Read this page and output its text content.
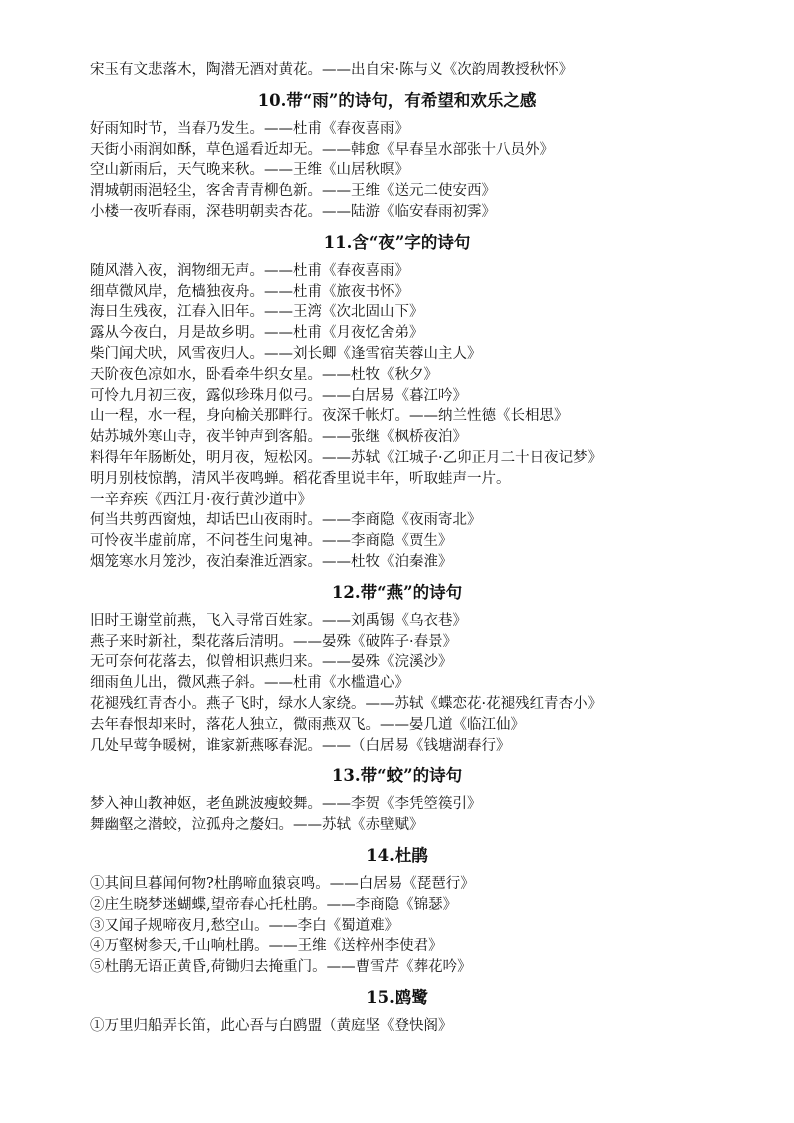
宋玉有文悲落木，陶潜无酒对黄花。——出自宋·陈与义《次韵周教授秋怀》
10.带“雨”的诗句，有希望和欢乐之感
好雨知时节，当春乃发生。——杜甫《春夜喜雨》
天街小雨润如酥，草色遥看近却无。——韩愈《早春呈水部张十八员外》
空山新雨后，天气晚来秋。——王维《山居秋暝》
渭城朝雨浥轻尘，客舍青青柳色新。——王维《送元二使安西》
小楼一夜听春雨，深巷明朝卖杏花。——陆游《临安春雨初霁》
11.含“夜”字的诗句
随风潜入夜，润物细无声。——杜甫《春夜喜雨》
细草微风岸，危樯独夜舟。——杜甫《旅夜书怀》
海日生残夜，江春入旧年。——王湾《次北固山下》
露从今夜白，月是故乡明。——杜甫《月夜忆舍弟》
柴门闻犬吠，风雪夜归人。——刘长卿《逢雪宿芙蓉山主人》
天阶夜色凉如水，卧看牵牛织女星。——杜牧《秋夕》
可怜九月初三夜，露似珍珠月似弓。——白居易《暮江吟》
山一程，水一程，身向榆关那畔行。夜深千帐灯。——纳兰性德《长相思》
姑苏城外寒山寺，夜半钟声到客船。——张继《枫桥夜泊》
料得年年肠断处，明月夜，短松冈。——苏轼《江城子·乙卯正月二十日夜记梦》
明月别枝惊鹊，清风半夜鸣蝉。稻花香里说丰年，听取蛙声一片。
一辛弃疾《西江月·夜行黄沙道中》
何当共剪西窗烛，却话巴山夜雨时。——李商隐《夜雨寄北》
可怜夜半虚前席，不问苍生问鬼神。——李商隐《贾生》
烟笼寒水月笼沙，夜泊秦淮近酒家。——杜牧《泊秦淮》
12.带“燕”的诗句
旧时王谢堂前燕，飞入寻常百姓家。——刘禹锡《乌衣巷》
燕子来时新社，梨花落后清明。——晏殊《破阵子·春景》
无可奈何花落去，似曾相识燕归来。——晏殊《浣溪沙》
细雨鱼儿出，微风燕子斜。——杜甫《水槛遣心》
花褪残红青杏小。燕子飞时，绿水人家绕。——苏轼《蝶恋花·花褪残红青杏小》
去年春恨却来时，落花人独立，微雨燕双飞。——晏几道《临江仙》
几处早莺争暖树，谁家新燕啄春泥。——（白居易《钱塘湖春行》
13.带“蛟”的诗句
梦入神山教神妪，老鱼跳波瘦蛟舞。——李贺《李凭箜篌引》
舞幽壑之潜蛟，泣孤舟之嫠妇。——苏轼《赤壁赋》
14.杜鹃
①其间旦暮闻何物?杜鹃啼血猿哀鸣。——白居易《琵琶行》
②庄生晓梦迷蝴蝶,望帝春心托杜鹃。——李商隐《锦瑟》
③又闻子规啼夜月,愁空山。——李白《蜀道难》
④万壑树参天,千山响杜鹃。——王维《送梓州李使君》
⑤杜鹃无语正黄昏,荷锄归去掩重门。——曹雪芹《葬花吟》
15.鸥鹭
①万里归船弄长笛，此心吾与白鸥盟（黄庭坚《登快阁》
